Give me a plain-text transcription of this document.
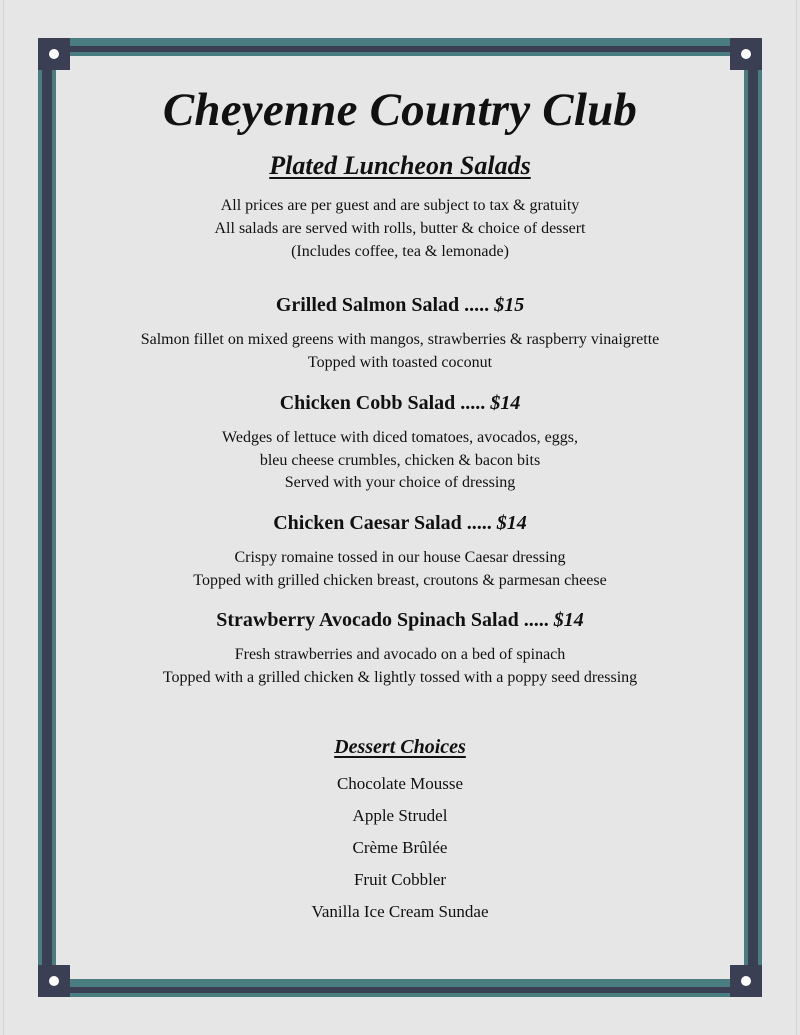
Cheyenne Country Club
Plated Luncheon Salads

All prices are per guest and are subject to tax & gratuity

All salads are served with rolls, butter & choice of dessert

(Includes coffee, tea & lemonade)

Grilled Salmon Salad ..... $15

Salmon fillet on mixed greens with mangos, strawberries & raspberry vinaigrette

Topped with toasted coconut

Chicken Cobb Salad ..... $14

Wedges of lettuce with diced tomatoes, avocados, eggs,

bleu cheese crumbles, chicken & bacon bits

Served with your choice of dressing

Chicken Caesar Salad ..... $14

Crispy romaine tossed in our house Caesar dressing

Topped with grilled chicken breast, croutons & parmesan cheese

Strawberry Avocado Spinach Salad ..... $14

Fresh strawberries and avocado on a bed of spinach

Topped with a grilled chicken & lightly tossed with a poppy seed dressing

Dessert Choices

Chocolate Mousse

Apple Strudel

Crème Brûlée

Fruit Cobbler

Vanilla Ice Cream Sundae
